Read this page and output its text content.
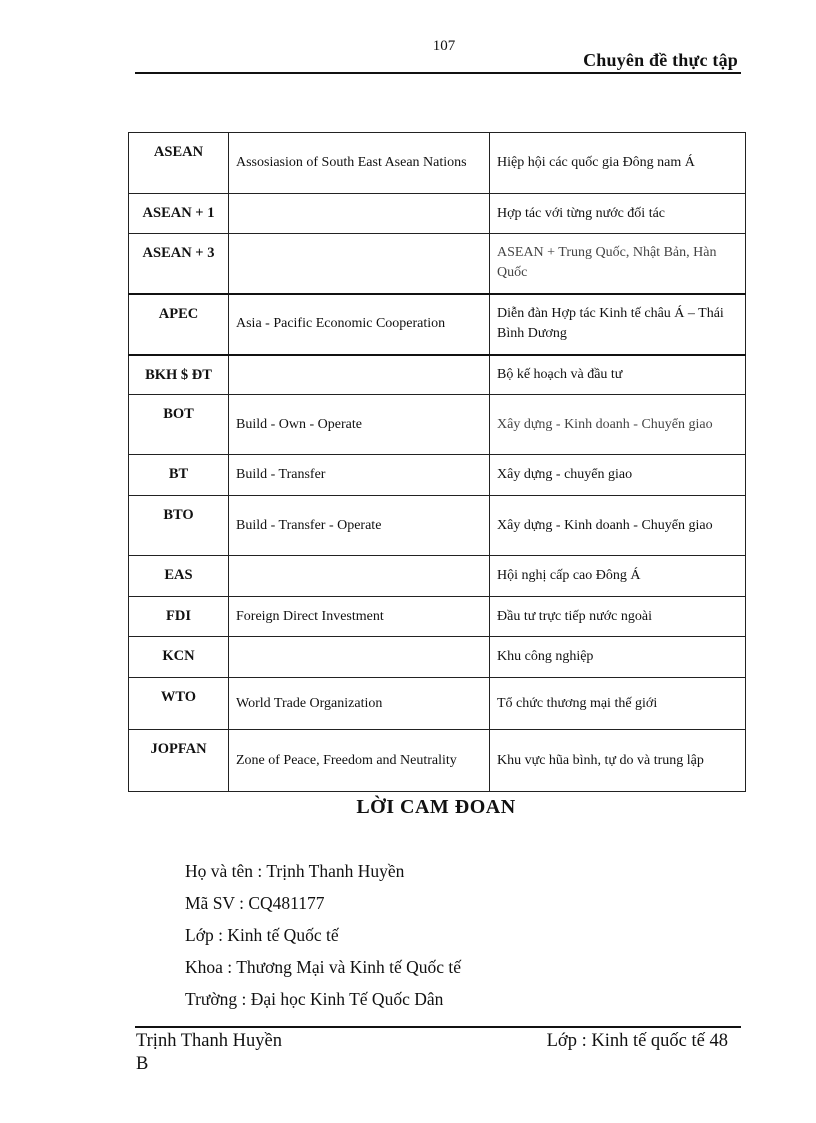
107
Chuyên đề thực tập
ASEAN	Assosiasion of South East Asean Nations	Hiệp hội các quốc gia Đông nam Á
ASEAN + 1		Hợp tác với từng nước đối tác
ASEAN + 3		ASEAN + Trung Quốc, Nhật Bản, Hàn Quốc
APEC	Asia - Pacific Economic Cooperation	Diễn đàn Hợp tác Kinh tế châu Á – Thái Bình Dương
BKH $ ĐT		Bộ kế hoạch và đầu tư
BOT	Build - Own - Operate	Xây dựng - Kinh doanh - Chuyển giao
BT	Build - Transfer	Xây dựng - chuyển giao
BTO	Build - Transfer - Operate	Xây dựng - Kinh doanh - Chuyển giao
EAS		Hội nghị cấp cao Đông Á
FDI	Foreign Direct Investment	Đầu tư trực tiếp nước ngoài
KCN		Khu công nghiệp
WTO	World Trade Organization	Tổ chức thương mại thế giới
JOPFAN	Zone of Peace, Freedom and Neutrality	Khu vực hũa bình, tự do và trung lập
LỜI CAM ĐOAN
Họ và tên : Trịnh Thanh Huyền
Mã SV : CQ481177
Lớp : Kinh tế Quốc tế
Khoa : Thương Mại và Kinh tế Quốc tế
Trường : Đại học Kinh Tế Quốc Dân
Trịnh Thanh Huyền
B
Lớp : Kinh tế quốc tế 48
